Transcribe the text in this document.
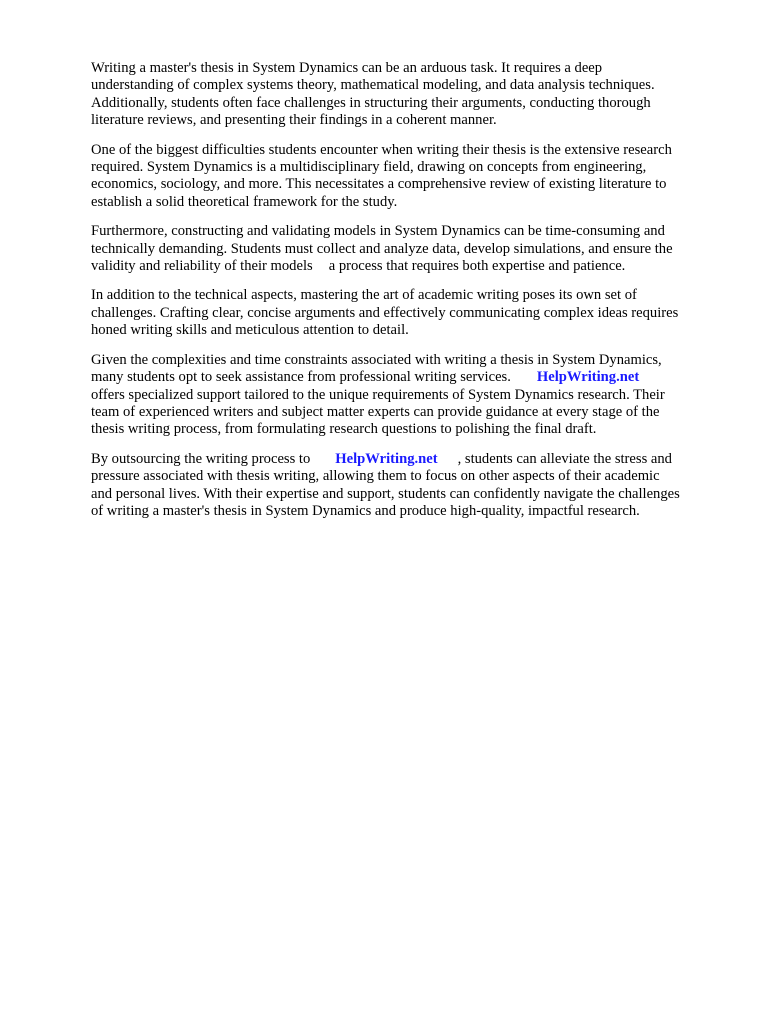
Writing a master's thesis in System Dynamics can be an arduous task. It requires a deep
understanding of complex systems theory, mathematical modeling, and data analysis techniques.
Additionally, students often face challenges in structuring their arguments, conducting thorough
literature reviews, and presenting their findings in a coherent manner.

One of the biggest difficulties students encounter when writing their thesis is the extensive research
required. System Dynamics is a multidisciplinary field, drawing on concepts from engineering,
economics, sociology, and more. This necessitates a comprehensive review of existing literature to
establish a solid theoretical framework for the study.

Furthermore, constructing and validating models in System Dynamics can be time-consuming and
technically demanding. Students must collect and analyze data, develop simulations, and ensure the
validity and reliability of their models a process that requires both expertise and patience.

In addition to the technical aspects, mastering the art of academic writing poses its own set of
challenges. Crafting clear, concise arguments and effectively communicating complex ideas requires
honed writing skills and meticulous attention to detail.

Given the complexities and time constraints associated with writing a thesis in System Dynamics,
many students opt to seek assistance from professional writing services. HelpWriting.net
offers specialized support tailored to the unique requirements of System Dynamics research. Their
team of experienced writers and subject matter experts can provide guidance at every stage of the
thesis writing process, from formulating research questions to polishing the final draft.

By outsourcing the writing process to HelpWriting.net , students can alleviate the stress and
pressure associated with thesis writing, allowing them to focus on other aspects of their academic
and personal lives. With their expertise and support, students can confidently navigate the challenges
of writing a master's thesis in System Dynamics and produce high-quality, impactful research.
